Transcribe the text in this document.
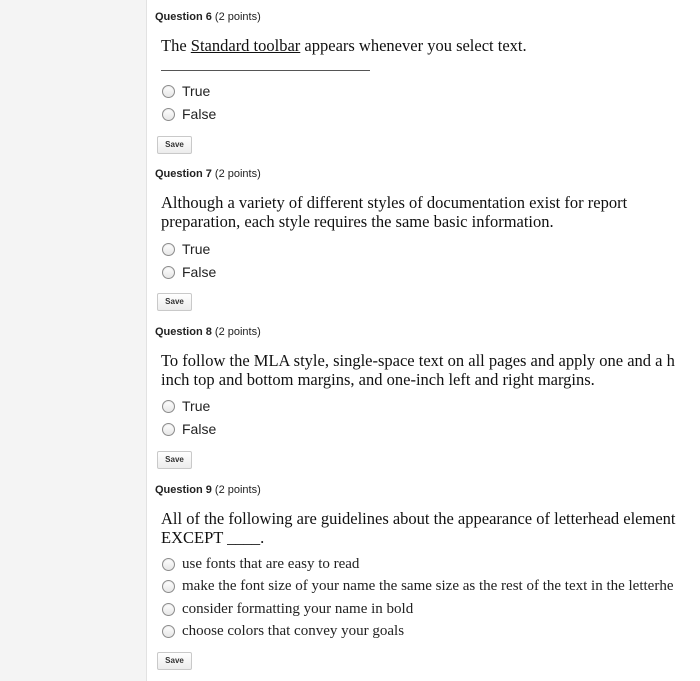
Question 6 (2 points)
The Standard toolbar appears whenever you select text.
True
False
Save
Question 7 (2 points)
Although a variety of different styles of documentation exist for report
preparation, each style requires the same basic information.
True
False
Save
Question 8 (2 points)
To follow the MLA style, single-space text on all pages and apply one and a h
inch top and bottom margins, and one-inch left and right margins.
True
False
Save
Question 9 (2 points)
All of the following are guidelines about the appearance of letterhead element
EXCEPT ____.
use fonts that are easy to read
make the font size of your name the same size as the rest of the text in the letterhe
consider formatting your name in bold
choose colors that convey your goals
Save
